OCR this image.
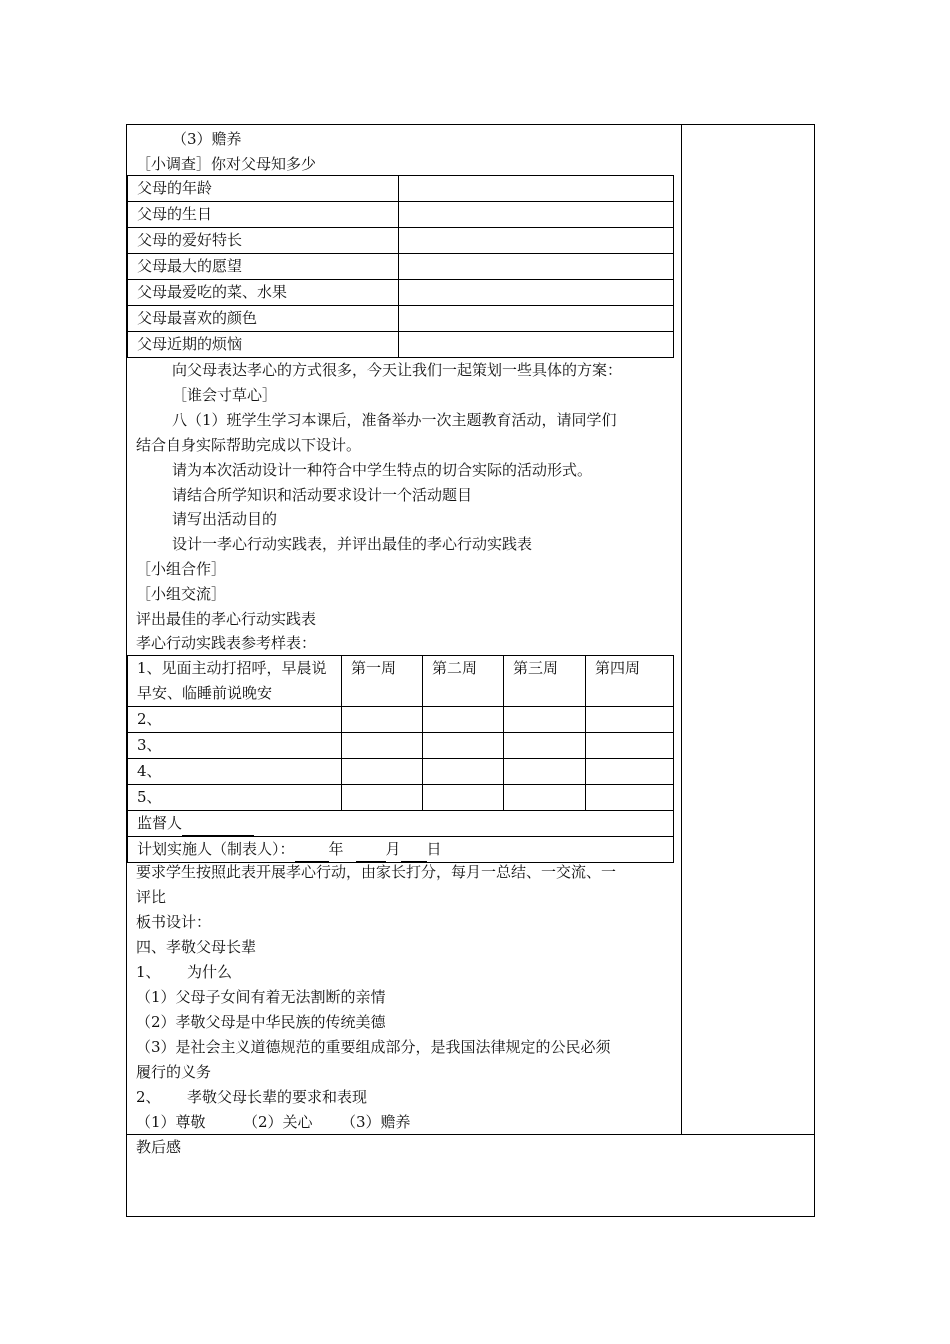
（3）赡养
［小调查］你对父母知多少
父母的年龄	
父母的生日	
父母的爱好特长	
父母最大的愿望	
父母最爱吃的菜、水果	
父母最喜欢的颜色	
父母近期的烦恼	
向父母表达孝心的方式很多，今天让我们一起策划一些具体的方案：
［谁会寸草心］
八（1）班学生学习本课后，准备举办一次主题教育活动，请同学们
结合自身实际帮助完成以下设计。
请为本次活动设计一种符合中学生特点的切合实际的活动形式。
请结合所学知识和活动要求设计一个活动题目
请写出活动目的
设计一孝心行动实践表，并评出最佳的孝心行动实践表
［小组合作］
［小组交流］
评出最佳的孝心行动实践表
孝心行动实践表参考样表：
1、见面主动打招呼，早晨说早安、临睡前说晚安	第一周	第二周	第三周	第四周
2、				
3、				
4、				
5、				
监督人				
计划实施人（制表人）： 年 月 日				
要求学生按照此表开展孝心行动，由家长打分，每月一总结、一交流、一
评比
板书设计：
四、孝敬父母长辈
1、 为什么
（1）父母子女间有着无法割断的亲情
（2）孝敬父母是中华民族的传统美德
（3）是社会主义道德规范的重要组成部分，是我国法律规定的公民必须
履行的义务
2、 孝敬父母长辈的要求和表现
（1）尊敬 （2）关心 （3）赡养
教后感
